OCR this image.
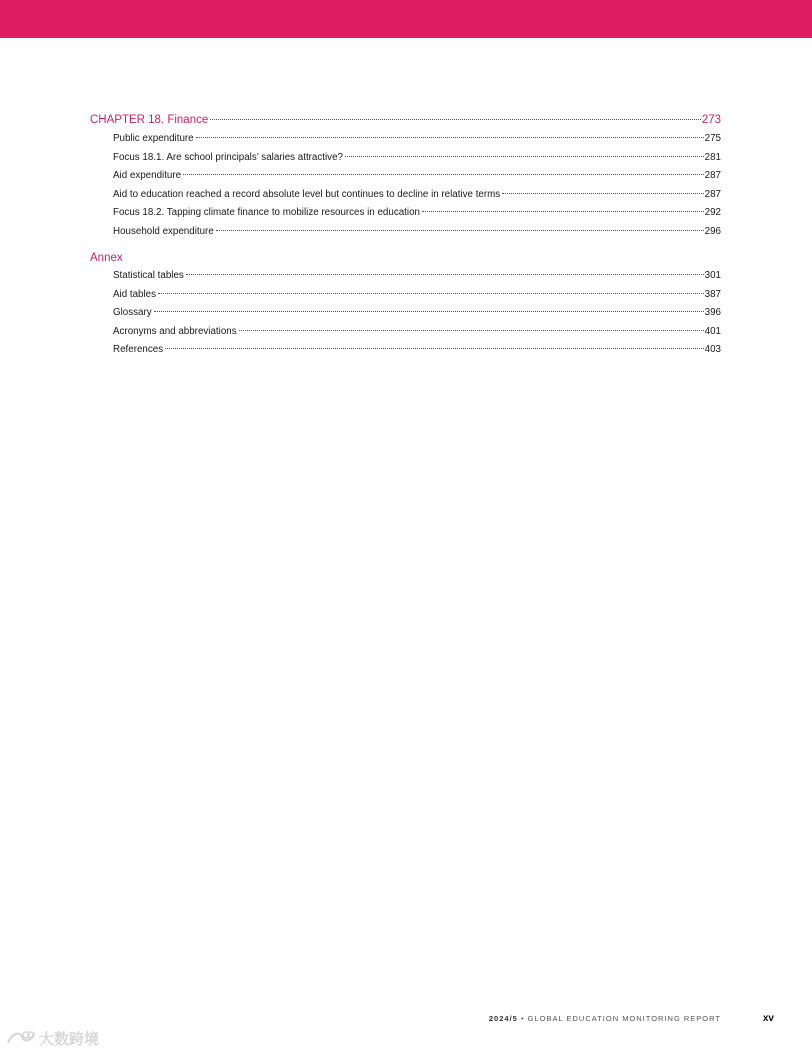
CHAPTER 18. Finance	273
Public expenditure	275
Focus 18.1. Are school principals’ salaries attractive?	281
Aid expenditure	287
Aid to education reached a record absolute level but continues to decline in relative terms	287
Focus 18.2. Tapping climate finance to mobilize resources in education	292
Household expenditure	296
Annex
Statistical tables	301
Aid tables	387
Glossary	396
Acronyms and abbreviations	401
References	403
2024/5 • GLOBAL EDUCATION MONITORING REPORT	xv
大数跨境
